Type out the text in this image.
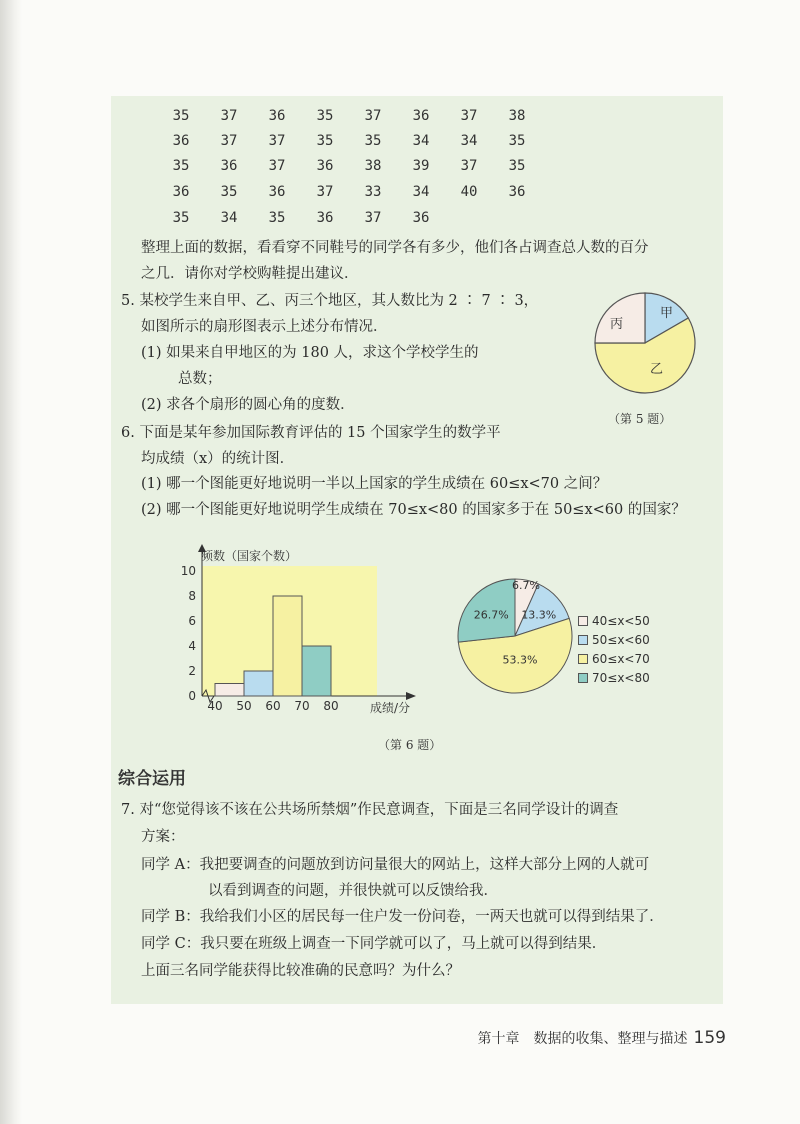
35	37	36	35	37	36	37	38
36	37	37	35	35	34	34	35
35	36	37	36	38	39	37	35
36	35	36	37	33	34	40	36
35	34	35	36	37	36
整理上面的数据，看看穿不同鞋号的同学各有多少，他们各占调查总人数的百分
之几．请你对学校购鞋提出建议．
5. 某校学生来自甲、乙、丙三个地区，其人数比为 2 ∶ 7 ∶ 3，
如图所示的扇形图表示上述分布情况．
(1) 如果来自甲地区的为 180 人，求这个学校学生的
总数；
(2) 求各个扇形的圆心角的度数．
甲
乙
丙
（第 5 题）
6. 下面是某年参加国际教育评估的 15 个国家学生的数学平
均成绩（x）的统计图．
(1) 哪一个图能更好地说明一半以上国家的学生成绩在 60≤x<70 之间？
(2) 哪一个图能更好地说明学生成绩在 70≤x<80 的国家多于在 50≤x<60 的国家？
频数（国家个数）
成绩/分
0
2
4
6
8
10
40 50 60 70 80
6.7%
13.3%
53.3%
26.7%	40≤x<50
50≤x<60
60≤x<70
70≤x<80
（第 6 题）
综合运用
7. 对“您觉得该不该在公共场所禁烟”作民意调查，下面是三名同学设计的调查
方案：
同学 A：我把要调查的问题放到访问量很大的网站上，这样大部分上网的人就可
以看到调查的问题，并很快就可以反馈给我．
同学 B：我给我们小区的居民每一住户发一份问卷，一两天也就可以得到结果了．
同学 C：我只要在班级上调查一下同学就可以了，马上就可以得到结果．
上面三名同学能获得比较准确的民意吗？为什么？
第十章　数据的收集、整理与描述 159
